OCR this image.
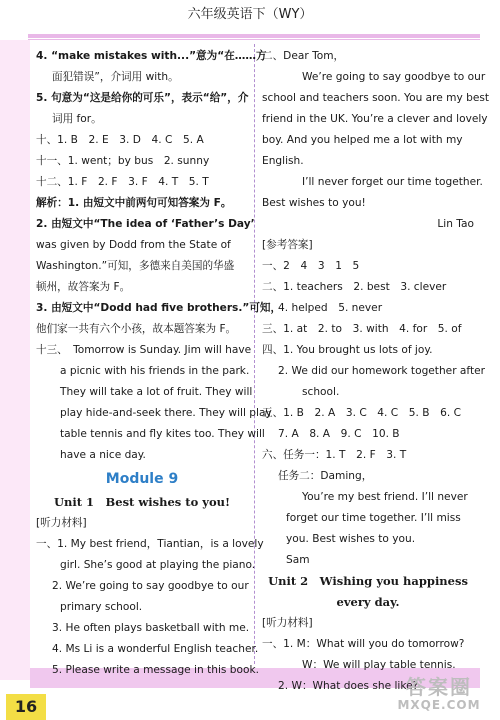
六年级英语下（WY）
4. “make mistakes with...”意为“在……方
面犯错误”，介词用 with。
5. 句意为“这是给你的可乐”，表示“给”，介
词用 for。
十、1. B　2. E　3. D　4. C　5. A
十一、1. went；by bus　2. sunny
十二、1. F　2. F　3. F　4. T　5. T
解析：1. 由短文中前两句可知答案为 F。
2. 由短文中“The idea of ‘Father’s Day’
was given by Dodd from the State of
Washington.”可知，多德来自美国的华盛
顿州，故答案为 F。
3. 由短文中“Dodd had five brothers.”可知，
他们家一共有六个小孩，故本题答案为 F。
十三、　Tomorrow is Sunday. Jim will have
a picnic with his friends in the park.
They will take a lot of fruit. They will
play hide-and-seek there. They will play
table tennis and fly kites too. They will
have a nice day.
Module 9
Unit 1　Best wishes to you!
[听力材料]
一、1. My best friend，Tiantian，is a lovely
girl. She’s good at playing the piano.
2. We’re going to say goodbye to our
primary school.
3. He often plays basketball with me.
4. Ms Li is a wonderful English teacher.
5. Please write a message in this book.
二、Dear Tom，
We’re going to say goodbye to our
school and teachers soon. You are my best
friend in the UK. You’re a clever and lovely
boy. And you helped me a lot with my
English.
I’ll never forget our time together.
Best wishes to you!
Lin Tao
[参考答案]
一、2　4　3　1　5
二、1. teachers　2. best　3. clever
4. helped　5. never
三、1. at　2. to　3. with　4. for　5. of
四、1. You brought us lots of joy.
2. We did our homework together after
school.
五、1. B　2. A　3. C　4. C　5. B　6. C
7. A　8. A　9. C　10. B
六、任务一：1. T　2. F　3. T
任务二：Daming，
You’re my best friend. I’ll never
forget our time together. I’ll miss
you. Best wishes to you.
Sam
Unit 2　Wishing you happiness
every day.
[听力材料]
一、1. M：What will you do tomorrow?
W：We will play table tennis.
2. W：What does she like?
16
答案圈
MXQE.COM
